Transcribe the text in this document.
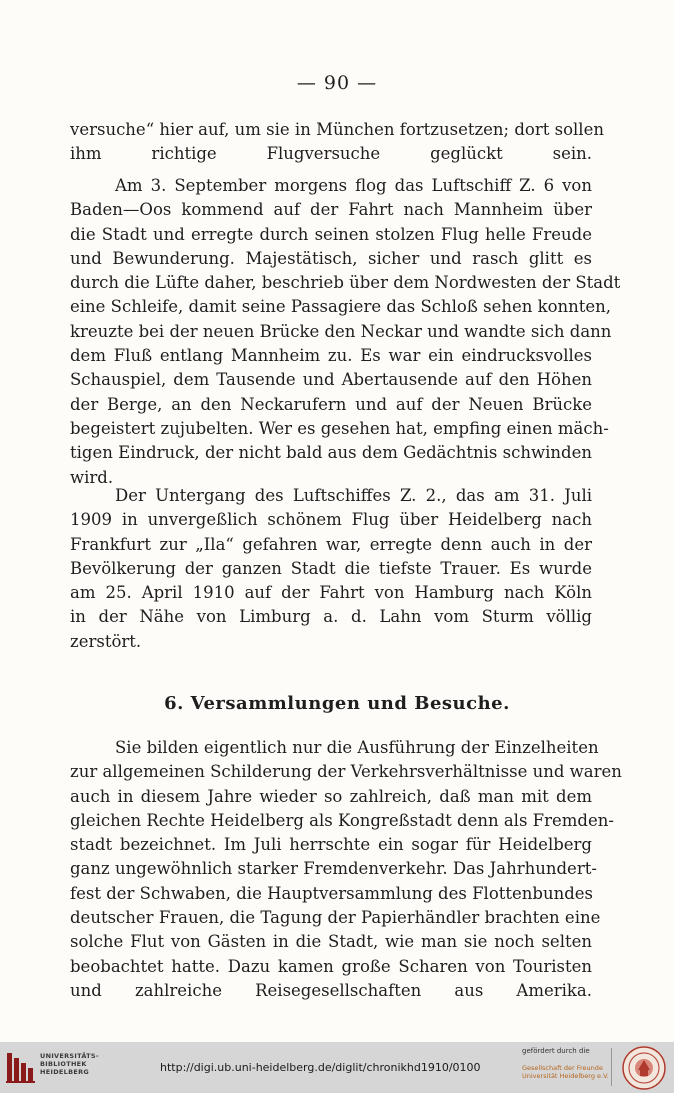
— 90 —
versuche“ hier auf, um sie in München fortzusetzen; dort sollen
ihm richtige Flugversuche geglückt sein.
Am 3. September morgens flog das Luftschiff Z. 6 von
Baden—Oos kommend auf der Fahrt nach Mannheim über
die Stadt und erregte durch seinen stolzen Flug helle Freude
und Bewunderung. Majestätisch, sicher und rasch glitt es
durch die Lüfte daher, beschrieb über dem Nordwesten der Stadt
eine Schleife, damit seine Passagiere das Schloß sehen konnten,
kreuzte bei der neuen Brücke den Neckar und wandte sich dann
dem Fluß entlang Mannheim zu. Es war ein eindrucksvolles
Schauspiel, dem Tausende und Abertausende auf den Höhen
der Berge, an den Neckarufern und auf der Neuen Brücke
begeistert zujubelten. Wer es gesehen hat, empfing einen mäch-
tigen Eindruck, der nicht bald aus dem Gedächtnis schwinden
wird.
Der Untergang des Luftschiffes Z. 2., das am 31. Juli
1909 in unvergeßlich schönem Flug über Heidelberg nach
Frankfurt zur „Ila“ gefahren war, erregte denn auch in der
Bevölkerung der ganzen Stadt die tiefste Trauer. Es wurde
am 25. April 1910 auf der Fahrt von Hamburg nach Köln
in der Nähe von Limburg a. d. Lahn vom Sturm völlig
zerstört.
6. Versammlungen und Besuche.
Sie bilden eigentlich nur die Ausführung der Einzelheiten
zur allgemeinen Schilderung der Verkehrsverhältnisse und waren
auch in diesem Jahre wieder so zahlreich, daß man mit dem
gleichen Rechte Heidelberg als Kongreßstadt denn als Fremden-
stadt bezeichnet. Im Juli herrschte ein sogar für Heidelberg
ganz ungewöhnlich starker Fremdenverkehr. Das Jahrhundert-
fest der Schwaben, die Hauptversammlung des Flottenbundes
deutscher Frauen, die Tagung der Papierhändler brachten eine
solche Flut von Gästen in die Stadt, wie man sie noch selten
beobachtet hatte. Dazu kamen große Scharen von Touristen
und zahlreiche Reisegesellschaften aus Amerika.
UNIVERSITÄTS-
BIBLIOTHEK
HEIDELBERG	http://digi.ub.uni-heidelberg.de/diglit/chronikhd1910/0100
gefördert durch die
Gesellschaft der Freunde
Universität Heidelberg e.V.
